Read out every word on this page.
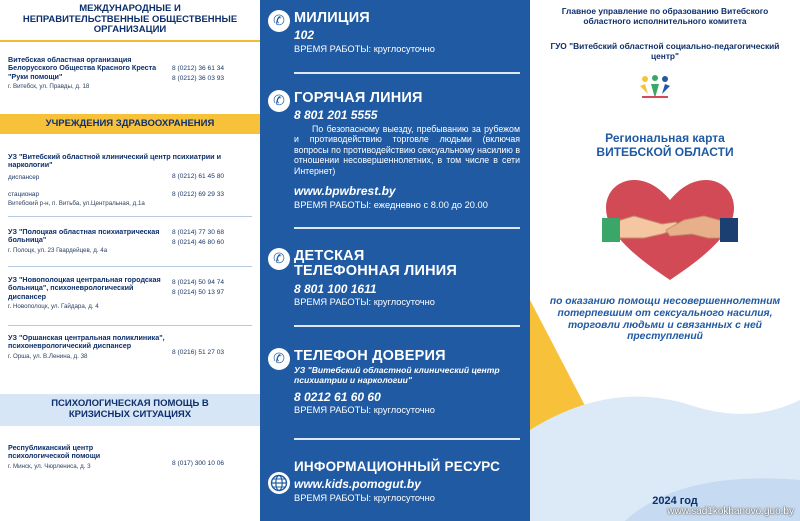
МЕЖДУНАРОДНЫЕ И НЕПРАВИТЕЛЬСТВЕННЫЕ ОБЩЕСТВЕННЫЕ ОРГАНИЗАЦИИ
Витебская областная организация Белорусского Общества Красного Креста "Руки помощи"
г. Витебск, ул. Правды, д. 18
8 (0212) 36 61 34
8 (0212) 36 03 93
УЧРЕЖДЕНИЯ ЗДРАВООХРАНЕНИЯ
УЗ "Витебский областной клинический центр психиатрии и наркологии"
диспансер
стационар
Витебский р-н, п. Витьба, ул.Центральная, д.1а
8 (0212) 61 45 80
8 (0212) 69 29 33
УЗ "Полоцкая областная психиатрическая больница"
г. Полоцк, ул. 23 Гвардейцев, д. 4а
8 (0214) 77 30 68
8 (0214) 46 80 60
УЗ "Новополоцкая центральная городская больница", психоневрологический диспансер
г. Новополоцк, ул. Гайдара, д. 4
8 (0214) 50 94 74
8 (0214) 50 13 97
УЗ "Оршанская центральная поликлиника", психоневрологический диспансер
г. Орша, ул. В.Ленина, д. 38
8 (0216) 51 27 03
ПСИХОЛОГИЧЕСКАЯ ПОМОЩЬ В КРИЗИСНЫХ СИТУАЦИЯХ
Республиканский центр психологической помощи
г. Минск, ул. Чюрлениса, д. 3	8 (017) 300 10 06
✆ МИЛИЦИЯ
102
ВРЕМЯ РАБОТЫ: круглосуточно
✆ ГОРЯЧАЯ ЛИНИЯ
8 801 201 5555
По безопасному выезду, пребыванию за рубежом и противодействию торговле людьми (включая вопросы по противодействию сексуальному насилию в отношении несовершеннолетних, в том числе в сети Интернет)
www.bpwbrest.by
ВРЕМЯ РАБОТЫ: ежедневно с 8.00 до 20.00
✆ ДЕТСКАЯ
ТЕЛЕФОННАЯ ЛИНИЯ
8 801 100 1611
ВРЕМЯ РАБОТЫ: круглосуточно
✆ ТЕЛЕФОН ДОВЕРИЯ
УЗ "Витебский областной клинический центр психиатрии и наркологии"
8 0212 61 60 60
ВРЕМЯ РАБОТЫ: круглосуточно
ИНФОРМАЦИОННЫЙ РЕСУРС
www.kids.pomogut.by
ВРЕМЯ РАБОТЫ: круглосуточно
Главное управление по образованию Витебского областного исполнительного комитета
ГУО "Витебский областной социально-педагогический центр"
Региональная карта
ВИТЕБСКОЙ ОБЛАСТИ
по оказанию помощи несовершеннолетним потерпевшим от сексуального насилия, торговли людьми и связанных с ней преступлений
2024 год
www.sad1kokhanovo.guo.by
